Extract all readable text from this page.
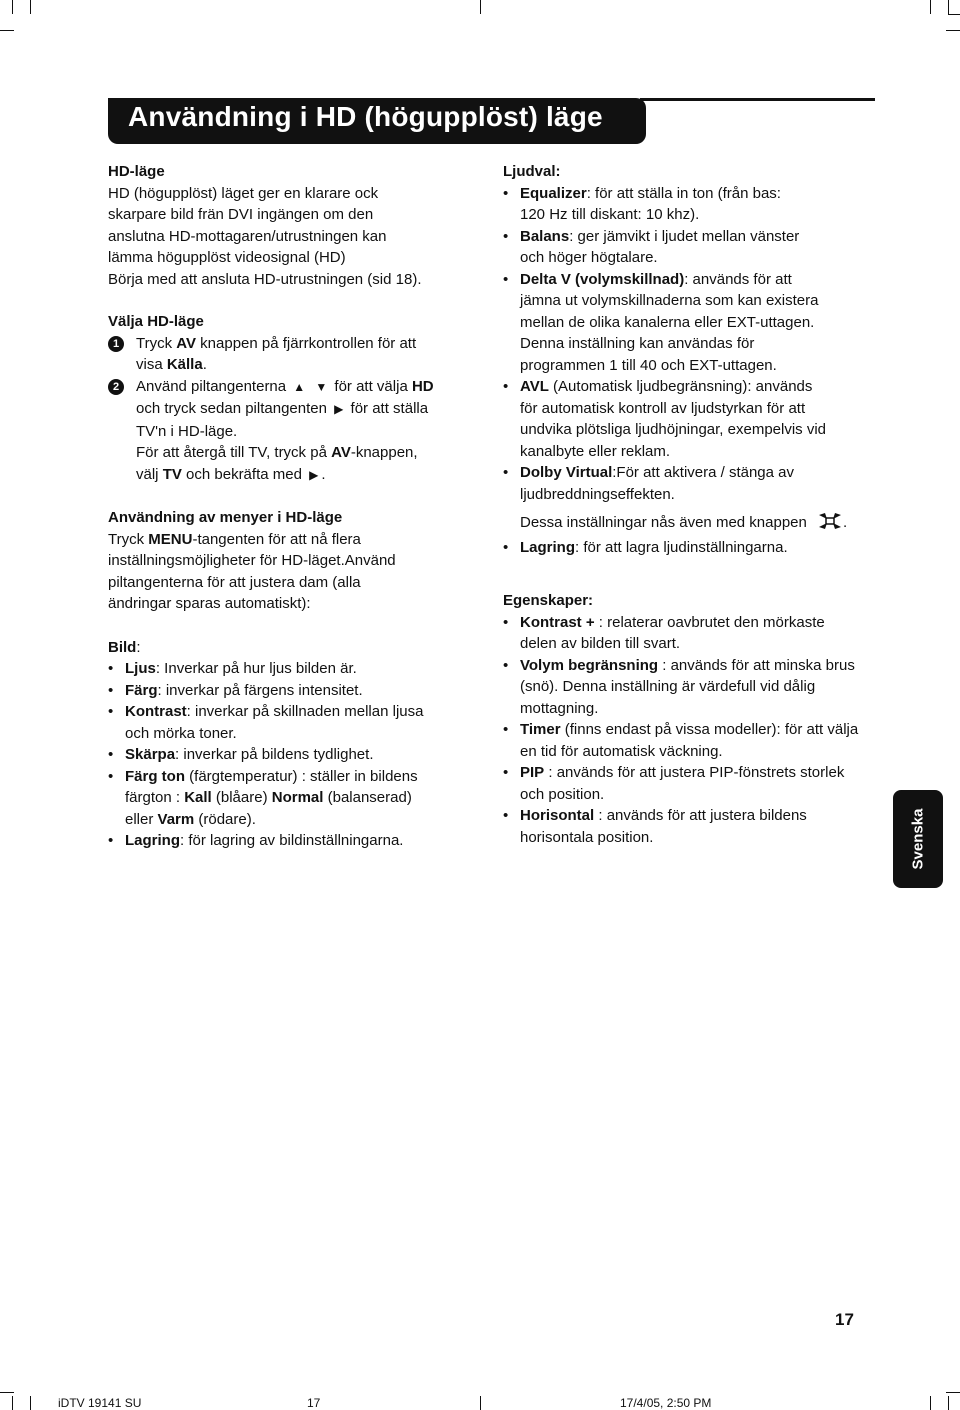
Användning i HD (högupplöst) läge

HD-läge

HD (högupplöst) läget ger en klarare ock

skarpare bild frän DVI ingängen om den

anslutna HD-mottagaren/utrustningen kan

lämma högupplöst videosignal (HD)

Börja med att ansluta HD-utrustningen (sid 18).

Välja HD-läge

1	Tryck AV knappen på fjärrkontrollen för att
visa Källa.
2	Använd piltangenterna ▲ ▼ för att välja HD
och tryck sedan piltangenten ▶ för att ställa
TV'n i HD-läge.
För att återgå till TV, tryck på AV-knappen,
välj TV och bekräfta med ▶ .

Användning av menyer i HD-läge

Tryck MENU-tangenten för att nå flera

inställningsmöjligheter för HD-läget.Använd

piltangenterna för att justera dam (alla

ändringar sparas automatiskt):

Bild:

• Ljus: Inverkar på hur ljus bilden är.
• Färg: inverkar på färgens intensitet.
• Kontrast: inverkar på skillnaden mellan ljusa
och mörka toner.
• Skärpa: inverkar på bildens tydlighet.
• Färg ton (färgtemperatur) : ställer in bildens
färgton : Kall (blåare) Normal (balanserad)
eller Varm (rödare).
• Lagring: för lagring av bildinställningarna.

Ljudval:

• Equalizer: för att ställa in ton (från bas:
120 Hz till diskant: 10 khz).
• Balans: ger jämvikt i ljudet mellan vänster
och höger högtalare.
• Delta V (volymskillnad): används för att
jämna ut volymskillnaderna som kan existera
mellan de olika kanalerna eller EXT-uttagen.
Denna inställning kan användas för
programmen 1 till 40 och EXT-uttagen.
• AVL (Automatisk ljudbegränsning): används
för automatisk kontroll av ljudstyrkan för att
undvika plötsliga ljudhöjningar, exempelvis vid
kanalbyte eller reklam.
• Dolby Virtual:För att aktivera / stänga av
ljudbreddningseffekten.

Dessa inställningar nås även med knappen .

• Lagring: för att lagra ljudinställningarna.

Egenskaper:

• Kontrast + : relaterar oavbrutet den mörkaste
delen av bilden till svart.
• Volym begränsning : används för att minska brus
(snö). Denna inställning är värdefull vid dålig
mottagning.
• Timer (finns endast på vissa modeller): för att välja
en tid för automatisk väckning.
• PIP : används för att justera PIP-fönstrets storlek
och position.
• Horisontal : används för att justera bildens
horisontala position.	Svenska
17
iDTV 19141 SU	17	17/4/05, 2:50 PM
